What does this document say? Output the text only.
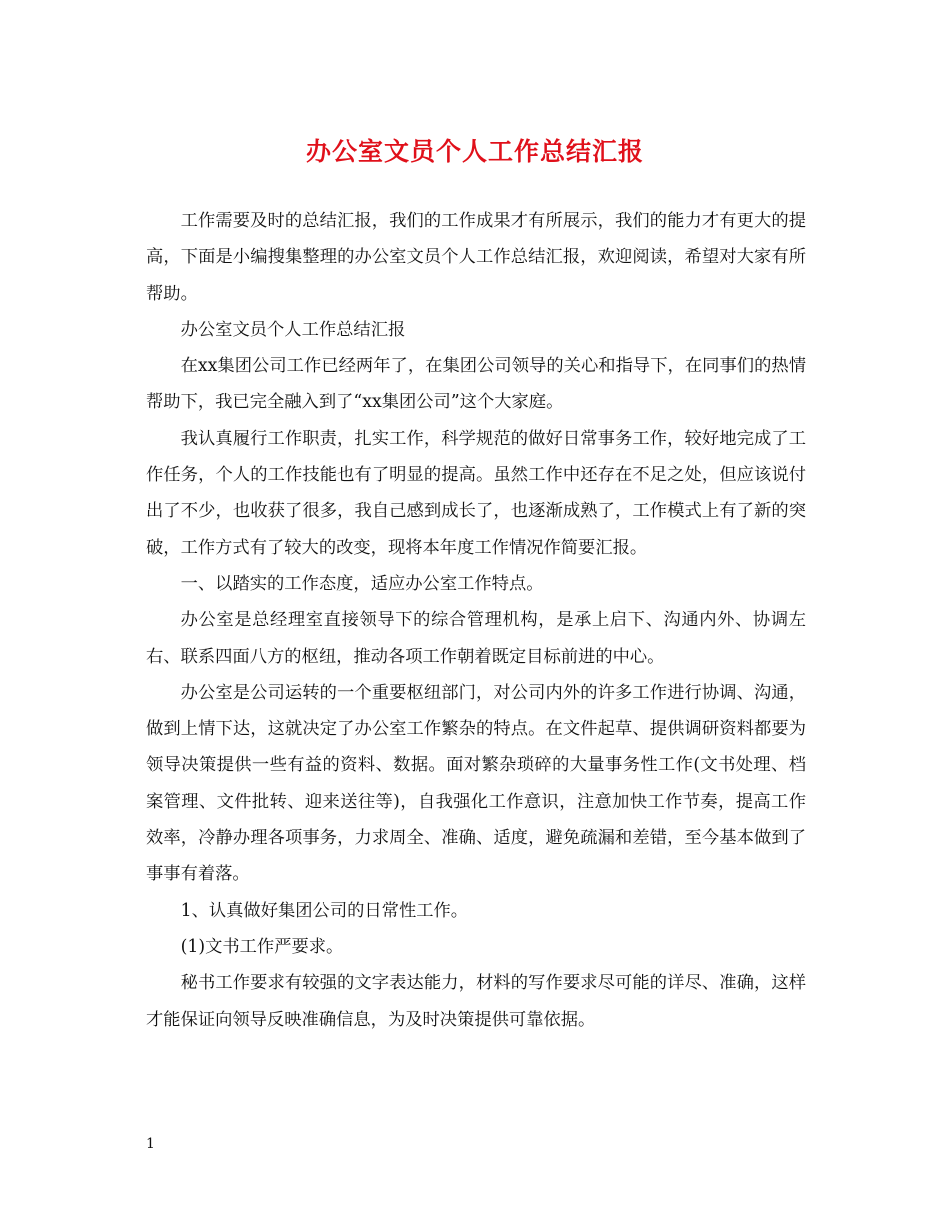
办公室文员个人工作总结汇报

工作需要及时的总结汇报，我们的工作成果才有所展示，我们的能力才有更大的提高，下面是小编搜集整理的办公室文员个人工作总结汇报，欢迎阅读，希望对大家有所帮助。

办公室文员个人工作总结汇报

在xx集团公司工作已经两年了，在集团公司领导的关心和指导下，在同事们的热情帮助下，我已完全融入到了“xx集团公司”这个大家庭。

我认真履行工作职责，扎实工作，科学规范的做好日常事务工作，较好地完成了工作任务，个人的工作技能也有了明显的提高。虽然工作中还存在不足之处，但应该说付出了不少，也收获了很多，我自己感到成长了，也逐渐成熟了，工作模式上有了新的突破，工作方式有了较大的改变，现将本年度工作情况作简要汇报。

一、以踏实的工作态度，适应办公室工作特点。

办公室是总经理室直接领导下的综合管理机构，是承上启下、沟通内外、协调左右、联系四面八方的枢纽，推动各项工作朝着既定目标前进的中心。

办公室是公司运转的一个重要枢纽部门，对公司内外的许多工作进行协调、沟通，做到上情下达，这就决定了办公室工作繁杂的特点。在文件起草、提供调研资料都要为领导决策提供一些有益的资料、数据。面对繁杂琐碎的大量事务性工作(文书处理、档案管理、文件批转、迎来送往等)，自我强化工作意识，注意加快工作节奏，提高工作效率，冷静办理各项事务，力求周全、准确、适度，避免疏漏和差错，至今基本做到了事事有着落。

1、认真做好集团公司的日常性工作。

(1)文书工作严要求。

秘书工作要求有较强的文字表达能力，材料的写作要求尽可能的详尽、准确，这样才能保证向领导反映准确信息，为及时决策提供可靠依据。

1
